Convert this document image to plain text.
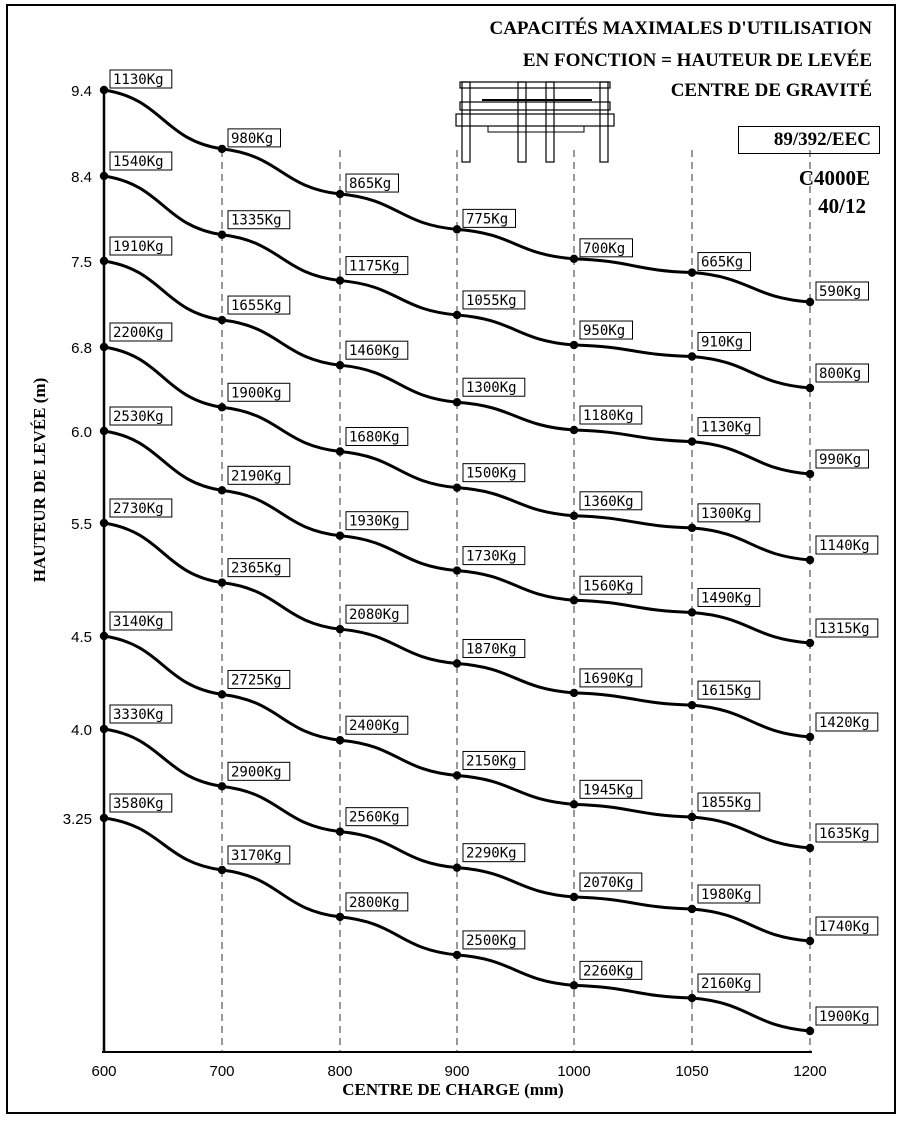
1130Kg
980Kg
865Kg
775Kg
700Kg
665Kg
590Kg
1540Kg
1335Kg
1175Kg
1055Kg
950Kg
910Kg
800Kg
1910Kg
1655Kg
1460Kg
1300Kg
1180Kg
1130Kg
990Kg
2200Kg
1900Kg
1680Kg
1500Kg
1360Kg
1300Kg
1140Kg
2530Kg
2190Kg
1930Kg
1730Kg
1560Kg
1490Kg
1315Kg
2730Kg
2365Kg
2080Kg
1870Kg
1690Kg
1615Kg
1420Kg
3140Kg
2725Kg
2400Kg
2150Kg
1945Kg
1855Kg
1635Kg
3330Kg
2900Kg
2560Kg
2290Kg
2070Kg
1980Kg
1740Kg
3580Kg
3170Kg
2800Kg
2500Kg
2260Kg
2160Kg
1900Kg
600	700	800	900	1000	1050	1200
9.4
8.4
7.5
6.8
6.0
5.5
4.5
4.0
3.25
CAPACITÉS MAXIMALES D'UTILISATION
EN FONCTION = HAUTEUR DE LEVÉE
CENTRE DE GRAVITÉ
89/392/EEC
C4000E
40/12
HAUTEUR DE LEVÉE (m)
CENTRE DE CHARGE (mm)
